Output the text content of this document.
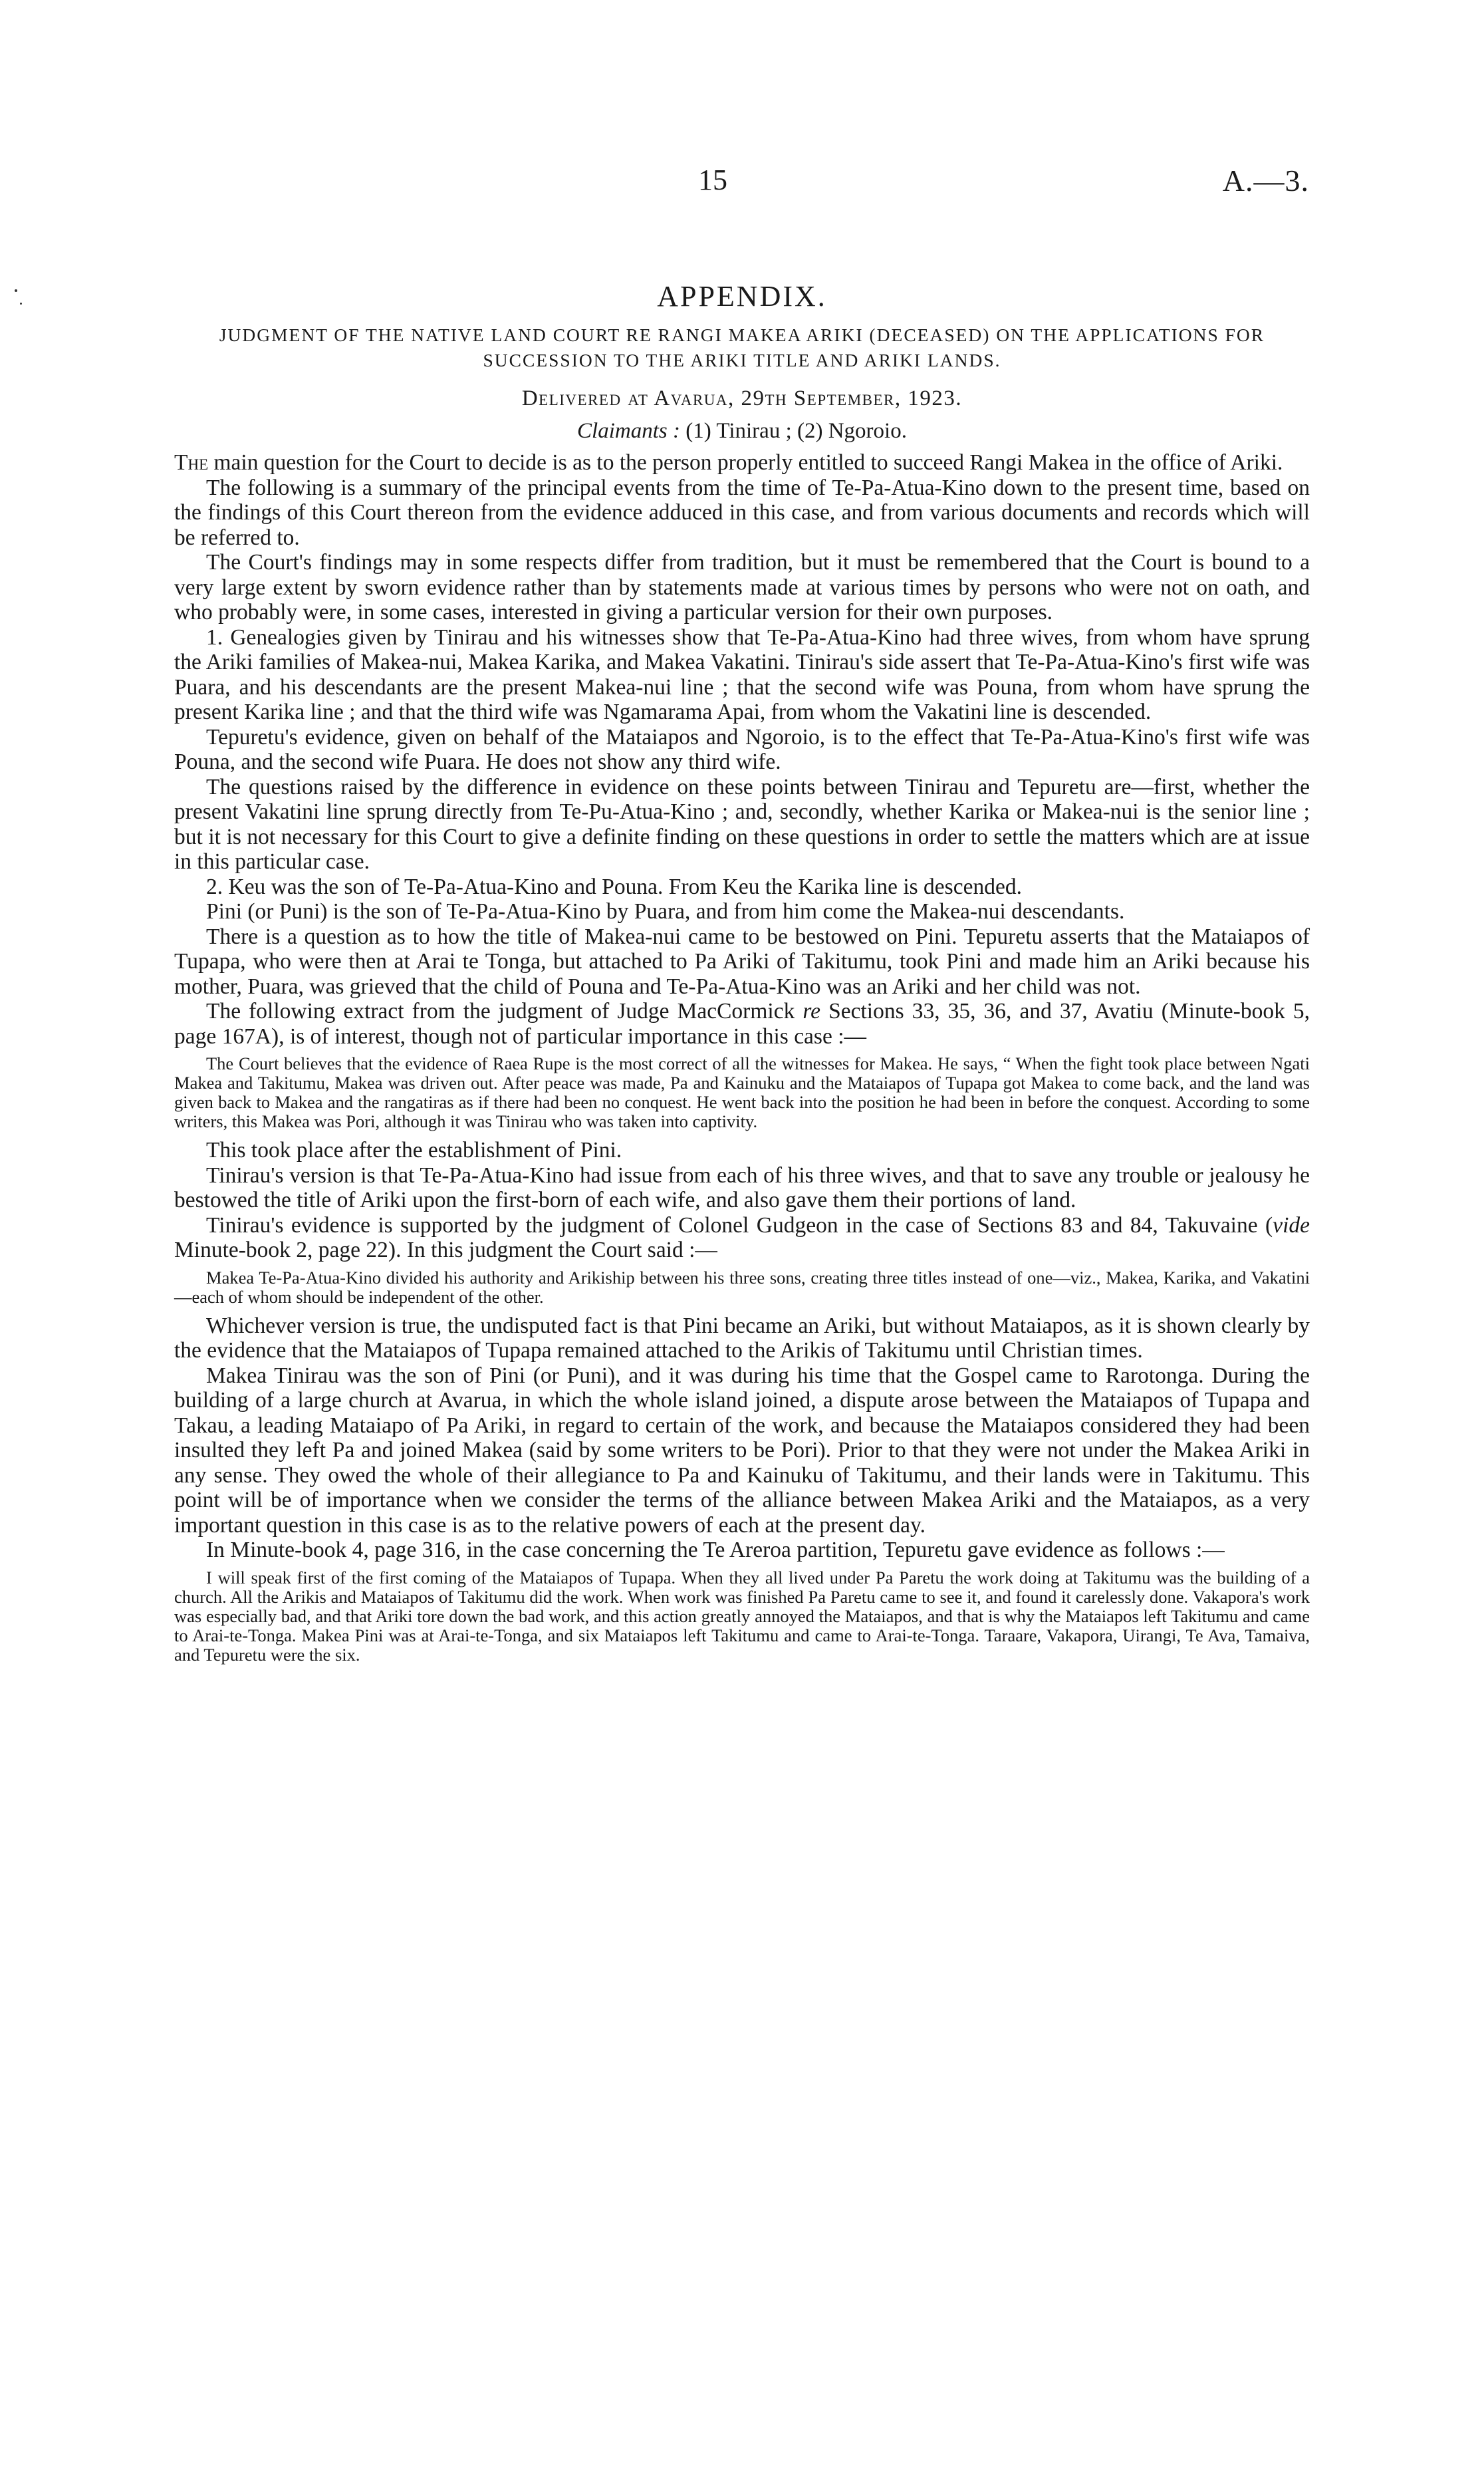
15	A.—3.
APPENDIX.
JUDGMENT OF THE NATIVE LAND COURT RE RANGI MAKEA ARIKI (DECEASED) ON THE APPLICATIONS FOR SUCCESSION TO THE ARIKI TITLE AND ARIKI LANDS.
Delivered at Avarua, 29th September, 1923.
Claimants : (1) Tinirau ; (2) Ngoroio.

The main question for the Court to decide is as to the person properly entitled to succeed Rangi Makea in the office of Ariki.

The following is a summary of the principal events from the time of Te-Pa-Atua-Kino down to the present time, based on the findings of this Court thereon from the evidence adduced in this case, and from various documents and records which will be referred to.

The Court's findings may in some respects differ from tradition, but it must be remembered that the Court is bound to a very large extent by sworn evidence rather than by statements made at various times by persons who were not on oath, and who probably were, in some cases, interested in giving a particular version for their own purposes.

1. Genealogies given by Tinirau and his witnesses show that Te-Pa-Atua-Kino had three wives, from whom have sprung the Ariki families of Makea-nui, Makea Karika, and Makea Vakatini. Tinirau's side assert that Te-Pa-Atua-Kino's first wife was Puara, and his descendants are the present Makea-nui line ; that the second wife was Pouna, from whom have sprung the present Karika line ; and that the third wife was Ngamarama Apai, from whom the Vakatini line is descended.

Tepuretu's evidence, given on behalf of the Mataiapos and Ngoroio, is to the effect that Te-Pa-Atua-Kino's first wife was Pouna, and the second wife Puara. He does not show any third wife.

The questions raised by the difference in evidence on these points between Tinirau and Tepuretu are—first, whether the present Vakatini line sprung directly from Te-Pu-Atua-Kino ; and, secondly, whether Karika or Makea-nui is the senior line ; but it is not necessary for this Court to give a definite finding on these questions in order to settle the matters which are at issue in this particular case.

2. Keu was the son of Te-Pa-Atua-Kino and Pouna. From Keu the Karika line is descended.

Pini (or Puni) is the son of Te-Pa-Atua-Kino by Puara, and from him come the Makea-nui descendants.

There is a question as to how the title of Makea-nui came to be bestowed on Pini. Tepuretu asserts that the Mataiapos of Tupapa, who were then at Arai te Tonga, but attached to Pa Ariki of Takitumu, took Pini and made him an Ariki because his mother, Puara, was grieved that the child of Pouna and Te-Pa-Atua-Kino was an Ariki and her child was not.

The following extract from the judgment of Judge MacCormick re Sections 33, 35, 36, and 37, Avatiu (Minute-book 5, page 167A), is of interest, though not of particular importance in this case :—

The Court believes that the evidence of Raea Rupe is the most correct of all the witnesses for Makea. He says, “ When the fight took place between Ngati Makea and Takitumu, Makea was driven out. After peace was made, Pa and Kainuku and the Mataiapos of Tupapa got Makea to come back, and the land was given back to Makea and the rangatiras as if there had been no conquest. He went back into the position he had been in before the conquest. According to some writers, this Makea was Pori, although it was Tinirau who was taken into captivity.

This took place after the establishment of Pini.

Tinirau's version is that Te-Pa-Atua-Kino had issue from each of his three wives, and that to save any trouble or jealousy he bestowed the title of Ariki upon the first-born of each wife, and also gave them their portions of land.

Tinirau's evidence is supported by the judgment of Colonel Gudgeon in the case of Sections 83 and 84, Takuvaine (vide Minute-book 2, page 22). In this judgment the Court said :—

Makea Te-Pa-Atua-Kino divided his authority and Arikiship between his three sons, creating three titles instead of one—viz., Makea, Karika, and Vakatini—each of whom should be independent of the other.

Whichever version is true, the undisputed fact is that Pini became an Ariki, but without Mataiapos, as it is shown clearly by the evidence that the Mataiapos of Tupapa remained attached to the Arikis of Takitumu until Christian times.

Makea Tinirau was the son of Pini (or Puni), and it was during his time that the Gospel came to Rarotonga. During the building of a large church at Avarua, in which the whole island joined, a dispute arose between the Mataiapos of Tupapa and Takau, a leading Mataiapo of Pa Ariki, in regard to certain of the work, and because the Mataiapos considered they had been insulted they left Pa and joined Makea (said by some writers to be Pori). Prior to that they were not under the Makea Ariki in any sense. They owed the whole of their allegiance to Pa and Kainuku of Takitumu, and their lands were in Takitumu. This point will be of importance when we consider the terms of the alliance between Makea Ariki and the Mataiapos, as a very important question in this case is as to the relative powers of each at the present day.

In Minute-book 4, page 316, in the case concerning the Te Areroa partition, Tepuretu gave evidence as follows :—

I will speak first of the first coming of the Mataiapos of Tupapa. When they all lived under Pa Paretu the work doing at Takitumu was the building of a church. All the Arikis and Mataiapos of Takitumu did the work. When work was finished Pa Paretu came to see it, and found it carelessly done. Vakapora's work was especially bad, and that Ariki tore down the bad work, and this action greatly annoyed the Mataiapos, and that is why the Mataiapos left Takitumu and came to Arai-te-Tonga. Makea Pini was at Arai-te-Tonga, and six Mataiapos left Takitumu and came to Arai-te-Tonga. Taraare, Vakapora, Uirangi, Te Ava, Tamaiva, and Tepuretu were the six.
